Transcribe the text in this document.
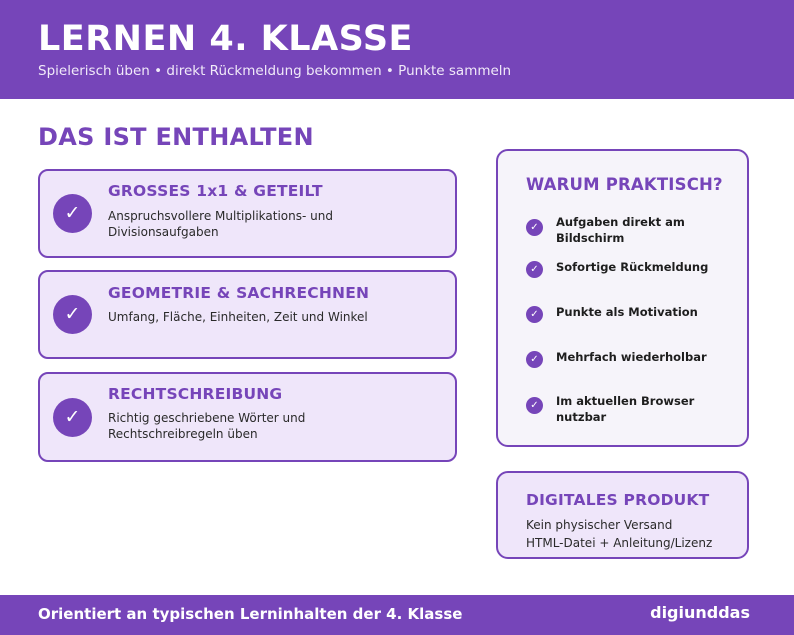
LERNEN 4. KLASSE
Spielerisch üben • direkt Rückmeldung bekommen • Punkte sammeln
DAS IST ENTHALTEN
✓
GROSSES 1x1 & GETEILT
Anspruchsvollere Multiplikations- und Divisionsaufgaben
✓
GEOMETRIE & SACHRECHNEN
Umfang, Fläche, Einheiten, Zeit und Winkel
✓
RECHTSCHREIBUNG
Richtig geschriebene Wörter und Rechtschreibregeln üben
WARUM PRAKTISCH?
✓	Aufgaben direkt am Bildschirm
✓	Sofortige Rückmeldung
✓	Punkte als Motivation
✓	Mehrfach wiederholbar
✓	Im aktuellen Browser nutzbar
DIGITALES PRODUKT
Kein physischer Versand
HTML-Datei + Anleitung/Lizenz
Orientiert an typischen Lerninhalten der 4. Klasse	digiunddas
